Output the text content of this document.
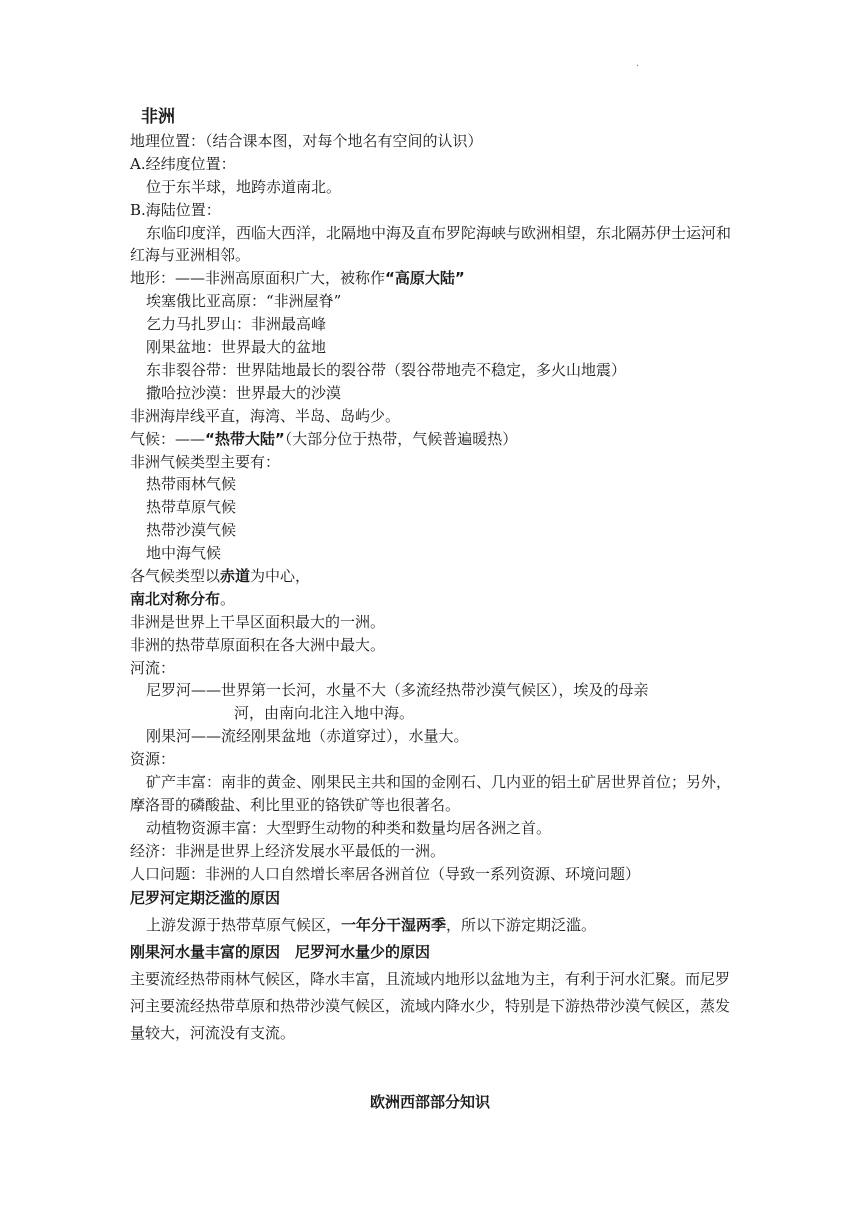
.
非洲
地理位置：（结合课本图，对每个地名有空间的认识）
A.经纬度位置：
位于东半球，地跨赤道南北。
B.海陆位置：
东临印度洋，西临大西洋，北隔地中海及直布罗陀海峡与欧洲相望，东北隔苏伊士运河和红海与亚洲相邻。
地形：——非洲高原面积广大，被称作“高原大陆”
埃塞俄比亚高原：“非洲屋脊”
乞力马扎罗山：非洲最高峰
刚果盆地：世界最大的盆地
东非裂谷带：世界陆地最长的裂谷带（裂谷带地壳不稳定，多火山地震）
撒哈拉沙漠：世界最大的沙漠
非洲海岸线平直，海湾、半岛、岛屿少。
气候：——“热带大陆”（大部分位于热带，气候普遍暖热）
非洲气候类型主要有：
热带雨林气候
热带草原气候
热带沙漠气候
地中海气候
各气候类型以赤道为中心，
南北对称分布。
非洲是世界上干旱区面积最大的一洲。
非洲的热带草原面积在各大洲中最大。
河流：
尼罗河——世界第一长河，水量不大（多流经热带沙漠气候区），埃及的母亲
河，由南向北注入地中海。
刚果河——流经刚果盆地（赤道穿过），水量大。
资源：
矿产丰富：南非的黄金、刚果民主共和国的金刚石、几内亚的铝土矿居世界首位；另外，摩洛哥的磷酸盐、利比里亚的铬铁矿等也很著名。
动植物资源丰富：大型野生动物的种类和数量均居各洲之首。
经济：非洲是世界上经济发展水平最低的一洲。
人口问题：非洲的人口自然增长率居各洲首位（导致一系列资源、环境问题）
尼罗河定期泛滥的原因
上游发源于热带草原气候区，一年分干湿两季，所以下游定期泛滥。
刚果河水量丰富的原因 尼罗河水量少的原因
主要流经热带雨林气候区，降水丰富，且流域内地形以盆地为主，有利于河水汇聚。而尼罗河主要流经热带草原和热带沙漠气候区，流域内降水少，特别是下游热带沙漠气候区，蒸发量较大，河流没有支流。
欧洲西部部分知识
